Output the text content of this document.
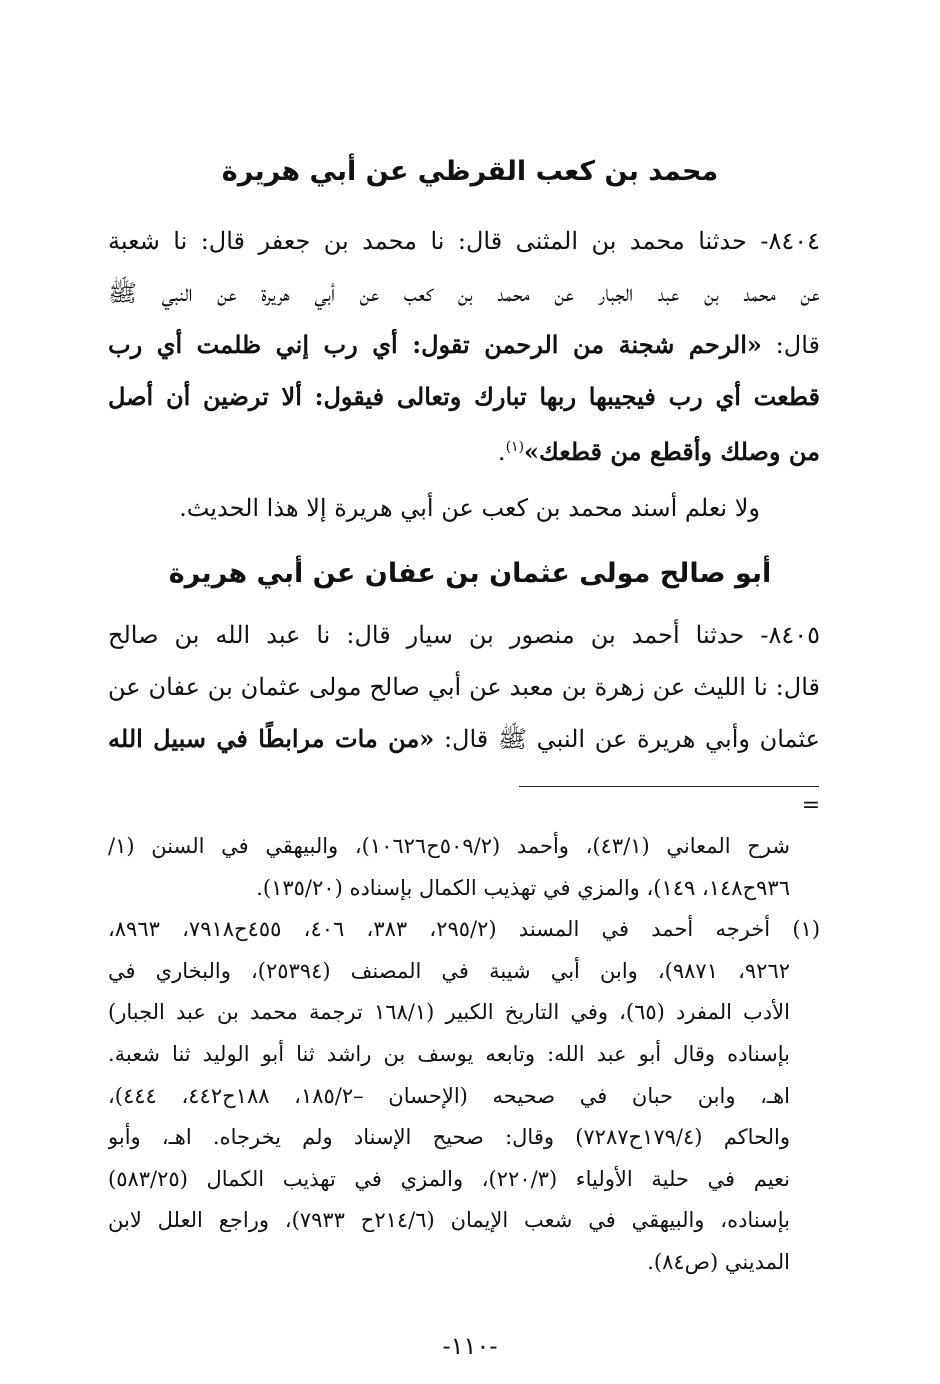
محمد بن كعب القرظي عن أبي هريرة
٨٤٠٤- حدثنا محمد بن المثنى قال: نا محمد بن جعفر قال: نا شعبة
عن محمد بن عبد الجبار عن محمد بن كعب عن أبي هريرة عن النبي ﷺ
قال: «الرحم شجنة من الرحمن تقول: أي رب إني ظلمت أي رب
قطعت أي رب فيجيبها ربها تبارك وتعالى فيقول: ألا ترضين أن أصل
من وصلك وأقطع من قطعك»$^{(١)}$.
ولا نعلم أسند محمد بن كعب عن أبي هريرة إلا هذا الحديث.
أبو صالح مولى عثمان بن عفان عن أبي هريرة
٨٤٠٥- حدثنا أحمد بن منصور بن سيار قال: نا عبد الله بن صالح
قال: نا الليث عن زهرة بن معبد عن أبي صالح مولى عثمان بن عفان عن
عثمان وأبي هريرة عن النبي ﷺ قال: «من مات مرابطًا في سبيل الله
=
شرح المعاني (٤٣/١)، وأحمد (٥٠٩/٢ح١٠٦٢٦)، والبيهقي في السنن (١/
٩٣٦ح١٤٨، ١٤٩)، والمزي في تهذيب الكمال بإسناده (١٣٥/٢٠).
(١) أخرجه أحمد في المسند (٢٩٥/٢، ٣٨٣، ٤٠٦، ٤٥٥ح٧٩١٨، ٨٩٦٣،
٩٢٦٢، ٩٨٧١)، وابن أبي شيبة في المصنف (٢٥٣٩٤)، والبخاري في
الأدب المفرد (٦٥)، وفي التاريخ الكبير (١٦٨/١ ترجمة محمد بن عبد الجبار)
بإسناده وقال أبو عبد الله: وتابعه يوسف بن راشد ثنا أبو الوليد ثنا شعبة.
اهـ، وابن حبان في صحيحه (الإحسان –١٨٥/٢، ١٨٨ح٤٤٢، ٤٤٤)،
والحاكم (١٧٩/٤ح٧٢٨٧) وقال: صحيح الإسناد ولم يخرجاه. اهـ، وأبو
نعيم في حلية الأولياء (٢٢٠/٣)، والمزي في تهذيب الكمال (٥٨٣/٢٥)
بإسناده، والبيهقي في شعب الإيمان (٢١٤/٦ح ٧٩٣٣)، وراجع العلل لابن
المديني (ص٨٤).
-١١٠-
